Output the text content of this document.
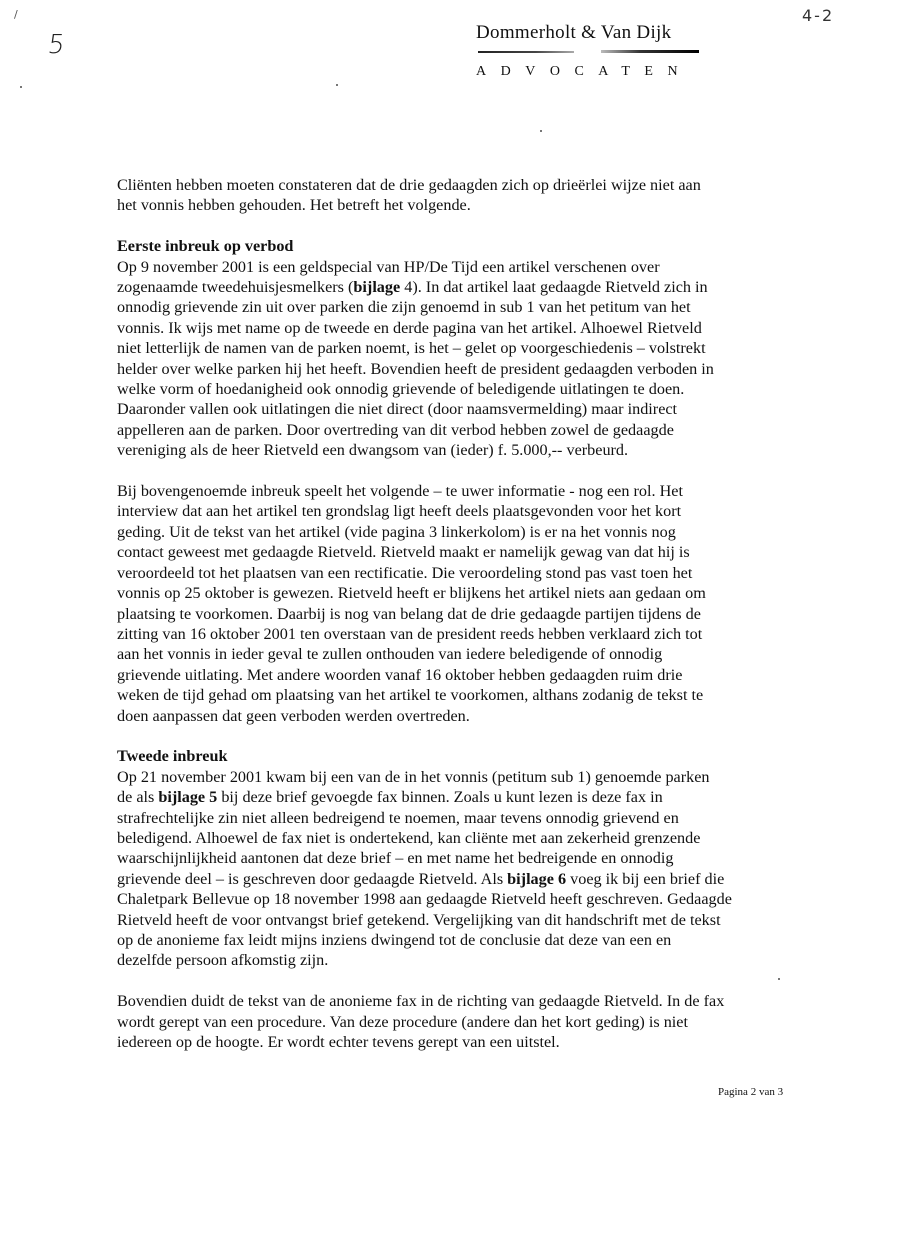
/
5
4-2
Dommerholt & Van Dijk
ADVOCATEN

Cliënten hebben moeten constateren dat de drie gedaagden zich op drieërlei wijze niet aan
het vonnis hebben gehouden. Het betreft het volgende.

Eerste inbreuk op verbod

Op 9 november 2001 is een geldspecial van HP/De Tijd een artikel verschenen over
zogenaamde tweedehuisjesmelkers (bijlage 4). In dat artikel laat gedaagde Rietveld zich in
onnodig grievende zin uit over parken die zijn genoemd in sub 1 van het petitum van het
vonnis. Ik wijs met name op de tweede en derde pagina van het artikel. Alhoewel Rietveld
niet letterlijk de namen van de parken noemt, is het – gelet op voorgeschiedenis – volstrekt
helder over welke parken hij het heeft. Bovendien heeft de president gedaagden verboden in
welke vorm of hoedanigheid ook onnodig grievende of beledigende uitlatingen te doen.
Daaronder vallen ook uitlatingen die niet direct (door naamsvermelding) maar indirect
appelleren aan de parken. Door overtreding van dit verbod hebben zowel de gedaagde
vereniging als de heer Rietveld een dwangsom van (ieder) f. 5.000,-- verbeurd.

Bij bovengenoemde inbreuk speelt het volgende – te uwer informatie - nog een rol. Het
interview dat aan het artikel ten grondslag ligt heeft deels plaatsgevonden voor het kort
geding. Uit de tekst van het artikel (vide pagina 3 linkerkolom) is er na het vonnis nog
contact geweest met gedaagde Rietveld. Rietveld maakt er namelijk gewag van dat hij is
veroordeeld tot het plaatsen van een rectificatie. Die veroordeling stond pas vast toen het
vonnis op 25 oktober is gewezen. Rietveld heeft er blijkens het artikel niets aan gedaan om
plaatsing te voorkomen. Daarbij is nog van belang dat de drie gedaagde partijen tijdens de
zitting van 16 oktober 2001 ten overstaan van de president reeds hebben verklaard zich tot
aan het vonnis in ieder geval te zullen onthouden van iedere beledigende of onnodig
grievende uitlating. Met andere woorden vanaf 16 oktober hebben gedaagden ruim drie
weken de tijd gehad om plaatsing van het artikel te voorkomen, althans zodanig de tekst te
doen aanpassen dat geen verboden werden overtreden.

Tweede inbreuk

Op 21 november 2001 kwam bij een van de in het vonnis (petitum sub 1) genoemde parken
de als bijlage 5 bij deze brief gevoegde fax binnen. Zoals u kunt lezen is deze fax in
strafrechtelijke zin niet alleen bedreigend te noemen, maar tevens onnodig grievend en
beledigend. Alhoewel de fax niet is ondertekend, kan cliënte met aan zekerheid grenzende
waarschijnlijkheid aantonen dat deze brief – en met name het bedreigende en onnodig
grievende deel – is geschreven door gedaagde Rietveld. Als bijlage 6 voeg ik bij een brief die
Chaletpark Bellevue op 18 november 1998 aan gedaagde Rietveld heeft geschreven. Gedaagde
Rietveld heeft de voor ontvangst brief getekend. Vergelijking van dit handschrift met de tekst
op de anonieme fax leidt mijns inziens dwingend tot de conclusie dat deze van een en
dezelfde persoon afkomstig zijn.

Bovendien duidt de tekst van de anonieme fax in de richting van gedaagde Rietveld. In de fax
wordt gerept van een procedure. Van deze procedure (andere dan het kort geding) is niet
iedereen op de hoogte. Er wordt echter tevens gerept van een uitstel.

Pagina 2 van 3
